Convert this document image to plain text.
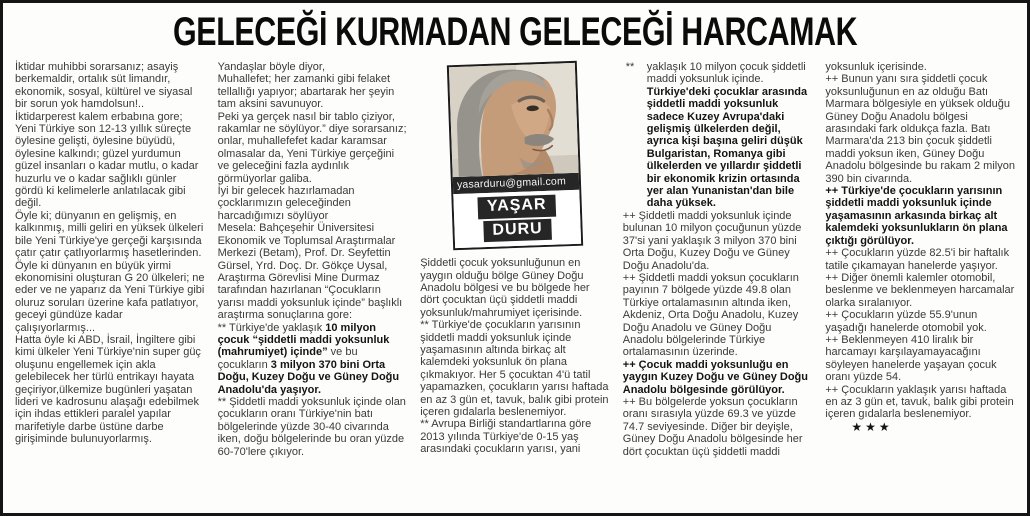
GELECEĞİ KURMADAN GELECEĞİ HARCAMAK

İktidar muhibbi sorarsanız; asayiş berkemaldir, ortalık süt limandır, ekonomik, sosyal, kültürel ve siyasal bir sorun yok hamdolsun!..

İktidarperest kalem erbabına gore; Yeni Türkiye son 12-13 yıllık süreçte öylesine gelişti, öylesine büyüdü, öylesine kalkındı; güzel yurdumun güzel insanları o kadar mutlu, o kadar huzurlu ve o kadar sağlıklı günler gördü ki kelimelerle anlatılacak gibi değil.

Öyle ki; dünyanın en gelişmiş, en kalkınmış, milli geliri en yüksek ülkeleri bile Yeni Türkiye'ye gerçeği karşısında çatır çatır çatlıyorlarmış hasetlerinden.

Öyle ki dünyanın en büyük yirmi ekonomisini oluşturan G 20 ülkeleri; ne eder ve ne yaparız da Yeni Türkiye gibi oluruz soruları üzerine kafa patlatıyor, geceyi gündüze kadar çalışıyorlarmış...

Hatta öyle ki ABD, İsrail, İngiltere gibi kimi ülkeler Yeni Türkiye'nin super güç oluşunu engellemek için akla gelebilecek her türlü entrikayı hayata geçiriyor,ülkemize bugünleri yaşatan lideri ve kadrosunu alaşağı edebilmek için ihdas ettikleri paralel yapılar marifetiyle darbe üstüne darbe girişiminde bulunuyorlarmış.

Yandaşlar böyle diyor,

Muhallefet; her zamanki gibi felaket tellallığı yapıyor; abartarak her şeyin tam aksini savunuyor.

Peki ya gerçek nasıl bir tablo çiziyor, rakamlar ne söylüyor.” diye sorarsanız; onlar, muhallefefet kadar karamsar olmasalar da, Yeni Türkiye gerçeğini ve geleceğini fazla aydınlık görmüyorlar galiba.

İyi bir gelecek hazırlamadan çocklarımızın geleceğinden harcadığımızı söylüyor

Mesela: Bahçeşehir Üniversitesi Ekonomik ve Toplumsal Araştırmalar Merkezi (Betam), Prof. Dr. Seyfettin Gürsel, Yrd. Doç. Dr. Gökçe Uysal, Araştırma Görevlisi Mine Durmaz tarafından hazırlanan “Çocukların yarısı maddi yoksunluk içinde” başlıklı araştırma sonuçlarına gore:

** Türkiye'de yaklaşık 10 milyon çocuk “şiddetli maddi yoksunluk (mahrumiyet) içinde” ve bu çocukların 3 milyon 370 bini Orta Doğu, Kuzey Doğu ve Güney Doğu Anadolu'da yaşıyor.

** Şiddetli maddi yoksunluk içinde olan çocukların oranı Türkiye'nin batı bölgelerinde yüzde 30-40 civarında iken, doğu bölgelerinde bu oran yüzde 60-70'lere çıkıyor.

yasarduru@gmail.com
YAŞAR
DURU

Şiddetli çocuk yoksunluğunun en yaygın olduğu bölge Güney Doğu Anadolu bölgesi ve bu bölgede her dört çocuktan üçü şiddetli maddi yoksunluk/mahrumiyet içerisinde.

** Türkiye'de çocukların yarısının şiddetli maddi yoksunluk içinde yaşamasının altında birkaç alt kalemdeki yoksunluk ön plana çıkmakıyor. Her 5 çocuktan 4'ü tatil yapamazken, çocukların yarısı haftada en az 3 gün et, tavuk, balık gibi protein içeren gıdalarla beslenemiyor.

** Avrupa Birliği standartlarına göre 2013 yılında Türkiye'de 0-15 yaş arasındaki çocukların yarısı, yani

** yaklaşık 10 milyon çocuk şiddetli maddi yoksunluk içinde.

Türkiye'deki çocuklar arasında şiddetli maddi yoksunluk sadece Kuzey Avrupa'daki gelişmiş ülkelerden değil, ayrıca kişi başına geliri düşük Bulgaristan, Romanya gibi ülkelerden ve yıllardır şiddetli bir ekonomik krizin ortasında yer alan Yunanistan'dan bile daha yüksek.

++ Şiddetli maddi yoksunluk içinde bulunan 10 milyon çocuğunun yüzde 37'si yani yaklaşık 3 milyon 370 bini Orta Doğu, Kuzey Doğu ve Güney Doğu Anadolu'da.

++ Şiddetli maddi yoksun çocukların payının 7 bölgede yüzde 49.8 olan Türkiye ortalamasının altında iken, Akdeniz, Orta Doğu Anadolu, Kuzey Doğu Anadolu ve Güney Doğu Anadolu bölgelerinde Türkiye ortalamasının üzerinde.

++ Çocuk maddi yoksunluğu en yaygın Kuzey Doğu ve Güney Doğu Anadolu bölgesinde görülüyor.

++ Bu bölgelerde yoksun çocukların oranı sırasıyla yüzde 69.3 ve yüzde 74.7 seviyesinde. Diğer bir deyişle, Güney Doğu Anadolu bölgesinde her dört çocuktan üçü şiddetli maddi

yoksunluk içerisinde.

++ Bunun yanı sıra şiddetli çocuk yoksunluğunun en az olduğu Batı Marmara bölgesiyle en yüksek olduğu Güney Doğu Anadolu bölgesi arasındaki fark oldukça fazla. Batı Marmara'da 213 bin çocuk şiddetli maddi yoksun iken, Güney Doğu Anadolu bölgesinde bu rakam 2 milyon 390 bin civarında.

++ Türkiye'de çocukların yarısının şiddetli maddi yoksunluk içinde yaşamasının arkasında birkaç alt kalemdeki yoksunlukların ön plana çıktığı görülüyor.

++ Çocukların yüzde 82.5'i bir haftalık tatile çıkamayan hanelerde yaşıyor.

++ Diğer önemli kalemler otomobil, beslenme ve beklenmeyen harcamalar olarka sıralanıyor.

++ Çocukların yüzde 55.9'unun yaşadığı hanelerde otomobil yok.

++ Beklenmeyen 410 liralık bir harcamayı karşılayamayacağını söyleyen hanelerde yaşayan çocuk oranı yüzde 54.

++ Çocukların yaklaşık yarısı haftada en az 3 gün et, tavuk, balık gibi protein içeren gıdalarla beslenemiyor.★★★
